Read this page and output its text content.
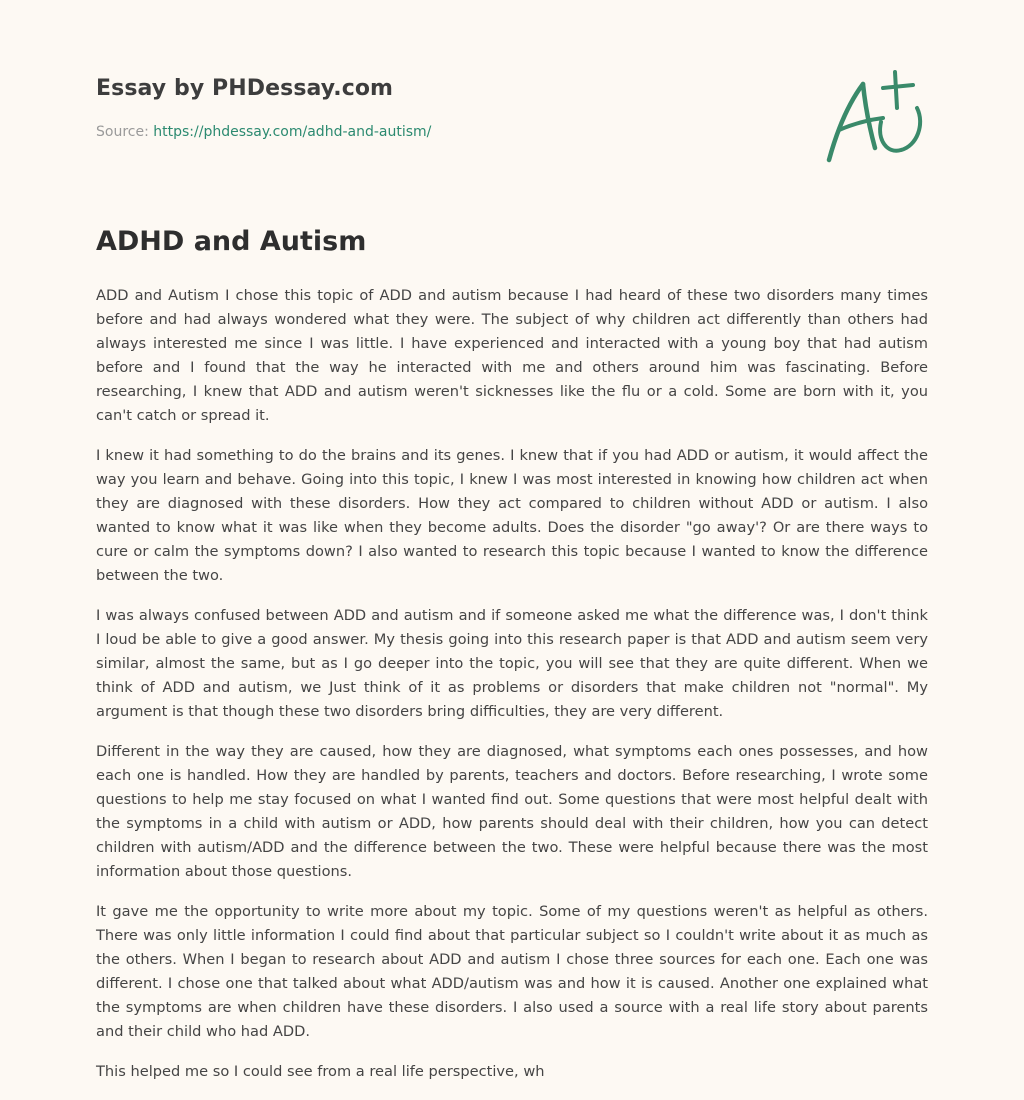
Essay by PHDessay.com

Source: https://phdessay.com/adhd-and-autism/

ADHD and Autism

ADD and Autism I chose this topic of ADD and autism because I had heard of these two disorders many times before and had always wondered what they were. The subject of why children act differently than others had always interested me since I was little. I have experienced and interacted with a young boy that had autism before and I found that the way he interacted with me and others around him was fascinating. Before researching, I knew that ADD and autism weren't sicknesses like the flu or a cold. Some are born with it, you can't catch or spread it.

I knew it had something to do the brains and its genes. I knew that if you had ADD or autism, it would affect the way you learn and behave. Going into this topic, I knew I was most interested in knowing how children act when they are diagnosed with these disorders. How they act compared to children without ADD or autism. I also wanted to know what it was like when they become adults. Does the disorder "go away'? Or are there ways to cure or calm the symptoms down? I also wanted to research this topic because I wanted to know the difference between the two.

I was always confused between ADD and autism and if someone asked me what the difference was, I don't think I loud be able to give a good answer. My thesis going into this research paper is that ADD and autism seem very similar, almost the same, but as I go deeper into the topic, you will see that they are quite different. When we think of ADD and autism, we Just think of it as problems or disorders that make children not "normal". My argument is that though these two disorders bring difficulties, they are very different.

Different in the way they are caused, how they are diagnosed, what symptoms each ones possesses, and how each one is handled. How they are handled by parents, teachers and doctors. Before researching, I wrote some questions to help me stay focused on what I wanted find out. Some questions that were most helpful dealt with the symptoms in a child with autism or ADD, how parents should deal with their children, how you can detect children with autism/ADD and the difference between the two. These were helpful because there was the most information about those questions.

It gave me the opportunity to write more about my topic. Some of my questions weren't as helpful as others. There was only little information I could find about that particular subject so I couldn't write about it as much as the others. When I began to research about ADD and autism I chose three sources for each one. Each one was different. I chose one that talked about what ADD/autism was and how it is caused. Another one explained what the symptoms are when children have these disorders. I also used a source with a real life story about parents and their child who had ADD.

This helped me so I could see from a real life perspective, wh
